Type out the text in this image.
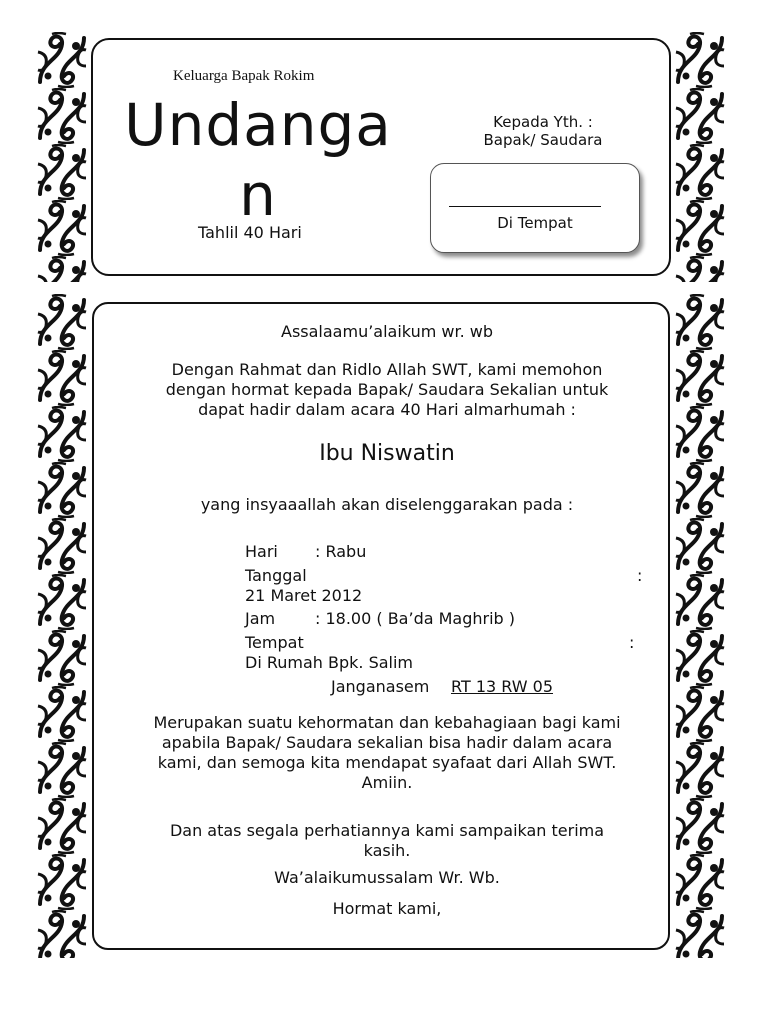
Keluarga Bapak Rokim
Undanga
n
Tahlil 40 Hari
Kepada Yth. :
Bapak/ Saudara
Di Tempat
Assalaamu’alaikum wr. wb
Dengan Rahmat dan Ridlo Allah SWT, kami memohon
dengan hormat kepada Bapak/ Saudara Sekalian untuk
dapat hadir dalam acara 40 Hari almarhumah :
Ibu Niswatin
yang insyaaallah akan diselenggarakan pada :
Hari : Rabu
Tanggal	:
21 Maret 2012
Jam : 18.00 ( Ba’da Maghrib )
Tempat	:
Di Rumah Bpk. Salim
Janganasem RT 13 RW 05
Merupakan suatu kehormatan dan kebahagiaan bagi kami
apabila Bapak/ Saudara sekalian bisa hadir dalam acara
kami, dan semoga kita mendapat syafaat dari Allah SWT.
Amiin.
Dan atas segala perhatiannya kami sampaikan terima
kasih.
Wa’alaikumussalam Wr. Wb.
Hormat kami,
